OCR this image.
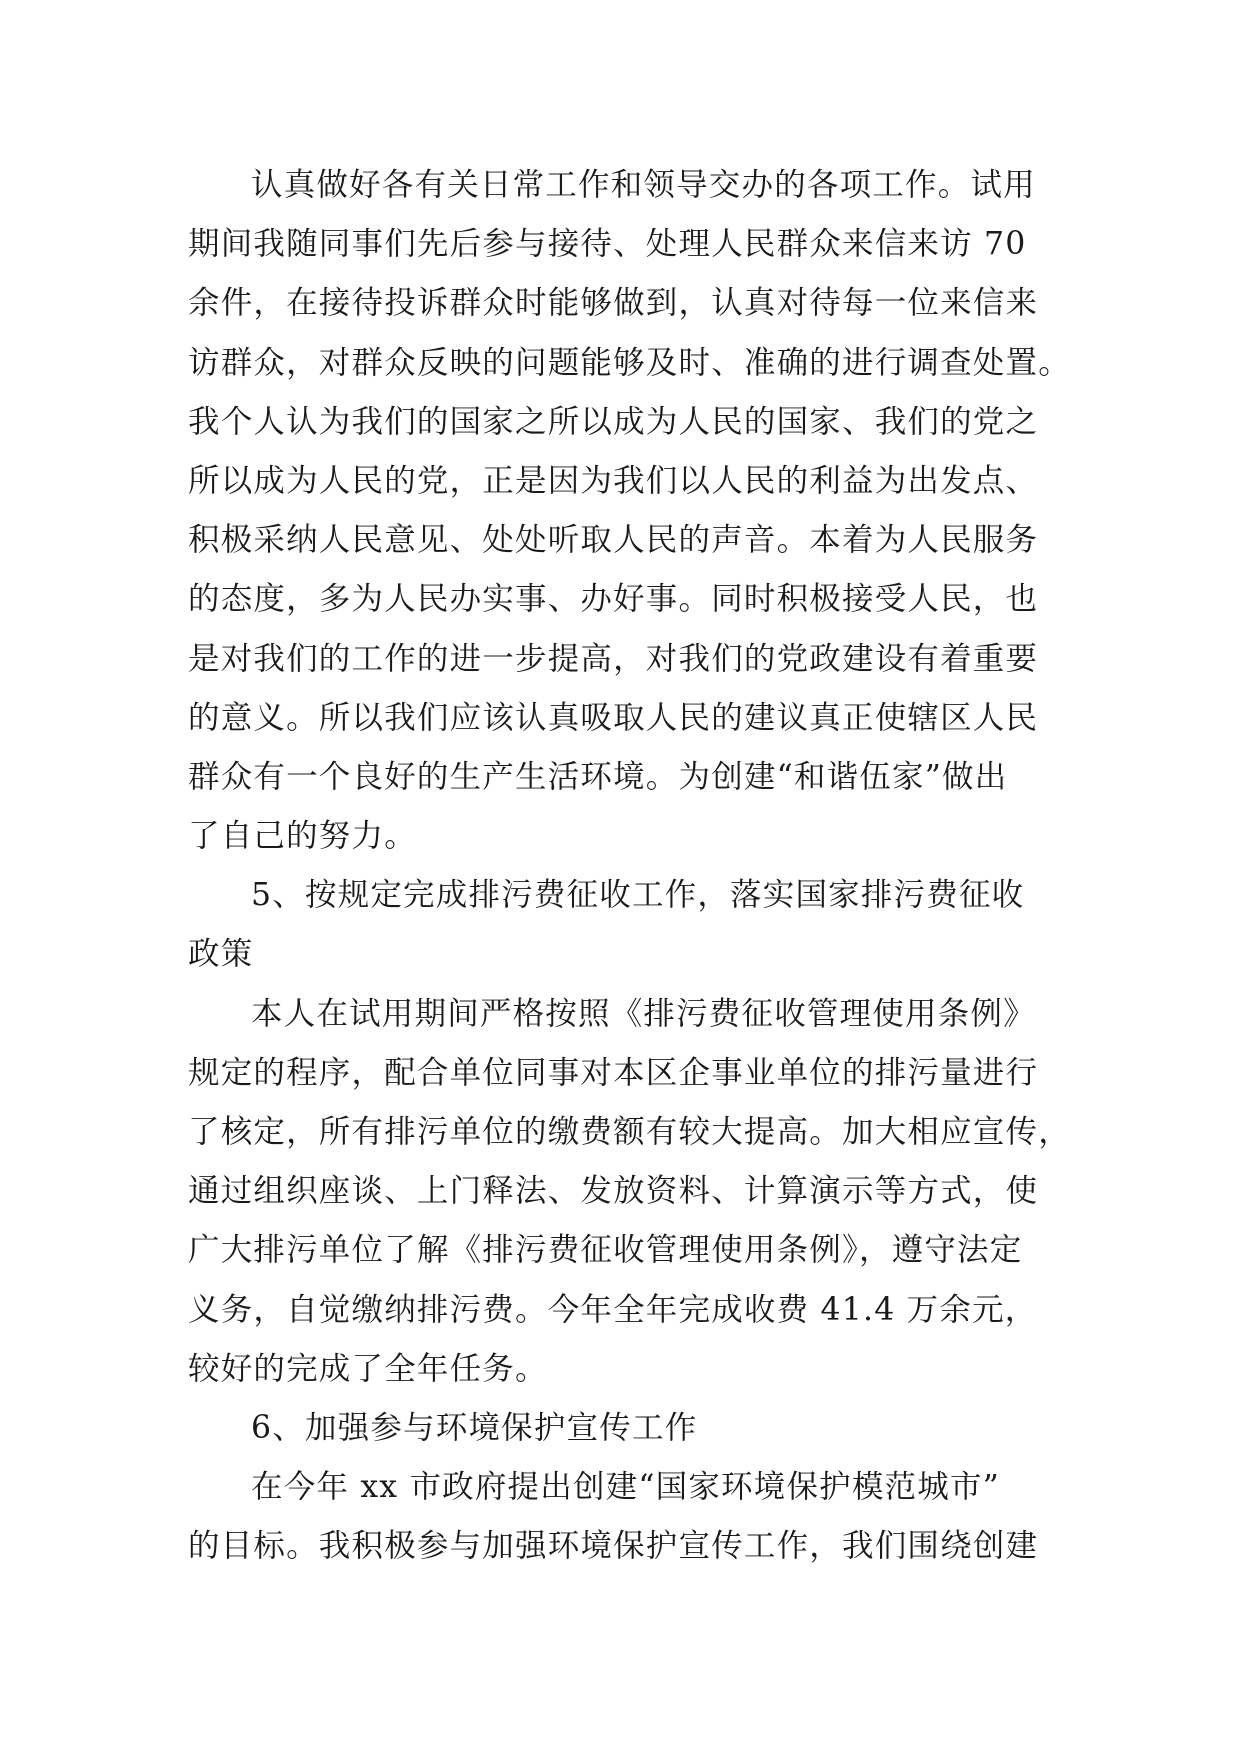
认真做好各有关日常工作和领导交办的各项工作。试用
期间我随同事们先后参与接待、处理人民群众来信来访 70
余件，在接待投诉群众时能够做到，认真对待每一位来信来
访群众，对群众反映的问题能够及时、准确的进行调查处置。
我个人认为我们的国家之所以成为人民的国家、我们的党之
所以成为人民的党，正是因为我们以人民的利益为出发点、
积极采纳人民意见、处处听取人民的声音。本着为人民服务
的态度，多为人民办实事、办好事。同时积极接受人民，也
是对我们的工作的进一步提高，对我们的党政建设有着重要
的意义。所以我们应该认真吸取人民的建议真正使辖区人民
群众有一个良好的生产生活环境。为创建“和谐伍家”做出
了自己的努力。
5、按规定完成排污费征收工作，落实国家排污费征收
政策
本人在试用期间严格按照《排污费征收管理使用条例》
规定的程序，配合单位同事对本区企事业单位的排污量进行
了核定，所有排污单位的缴费额有较大提高。加大相应宣传，
通过组织座谈、上门释法、发放资料、计算演示等方式，使
广大排污单位了解《排污费征收管理使用条例》，遵守法定
义务，自觉缴纳排污费。今年全年完成收费 41.4 万余元，
较好的完成了全年任务。
6、加强参与环境保护宣传工作
在今年 xx 市政府提出创建“国家环境保护模范城市”
的目标。我积极参与加强环境保护宣传工作，我们围绕创建
